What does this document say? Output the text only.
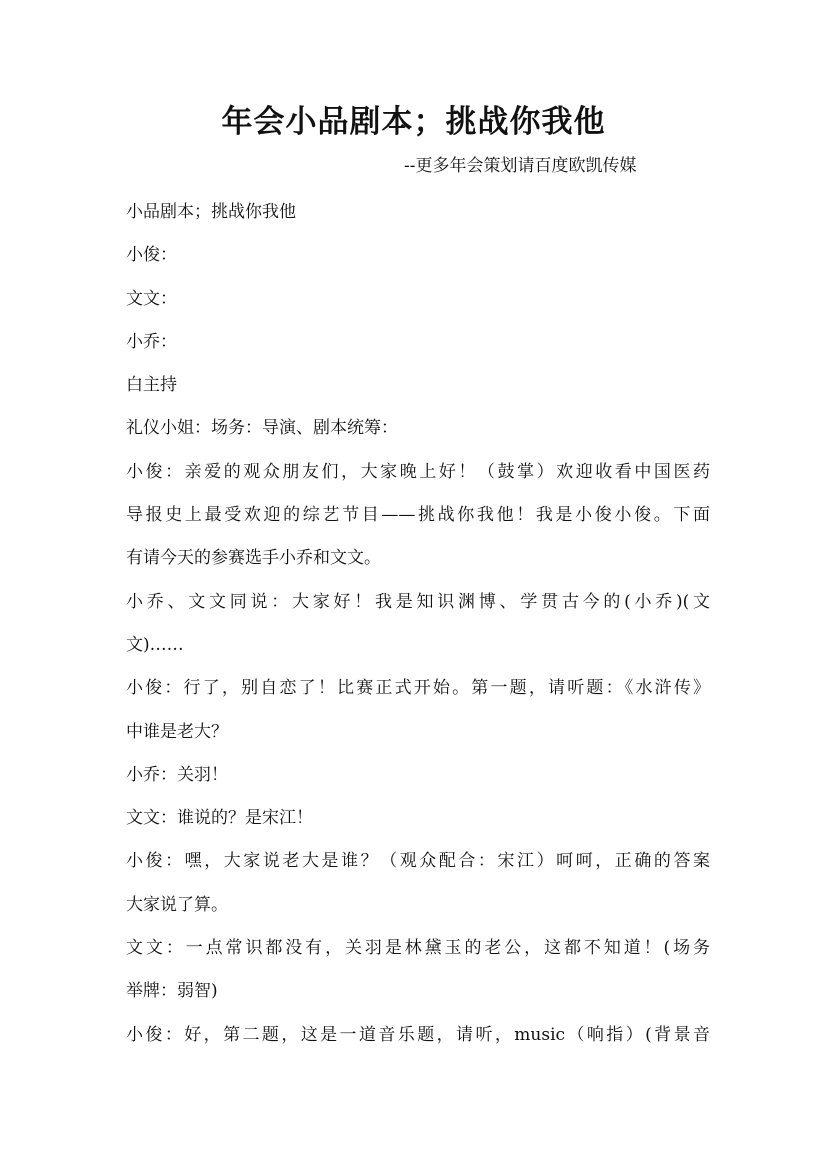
年会小品剧本；挑战你我他
--更多年会策划请百度欧凯传媒

小品剧本；挑战你我他

小俊：

文文：

小乔：

白主持

礼仪小姐：场务：导演、剧本统筹：

小俊：亲爱的观众朋友们，大家晚上好！（鼓掌）欢迎收看中国医药
导报史上最受欢迎的综艺节目——挑战你我他！我是小俊小俊。下面
有请今天的参赛选手小乔和文文。

小乔、文文同说：大家好！我是知识渊博、学贯古今的(小乔)(文
文)……

小俊：行了，别自恋了！比赛正式开始。第一题，请听题：《水浒传》
中谁是老大？

小乔：关羽！

文文：谁说的？是宋江！

小俊：嘿，大家说老大是谁？（观众配合：宋江）呵呵，正确的答案
大家说了算。

文文：一点常识都没有，关羽是林黛玉的老公，这都不知道！(场务
举牌：弱智)

小俊：好，第二题，这是一道音乐题，请听，music（响指）(背景音
